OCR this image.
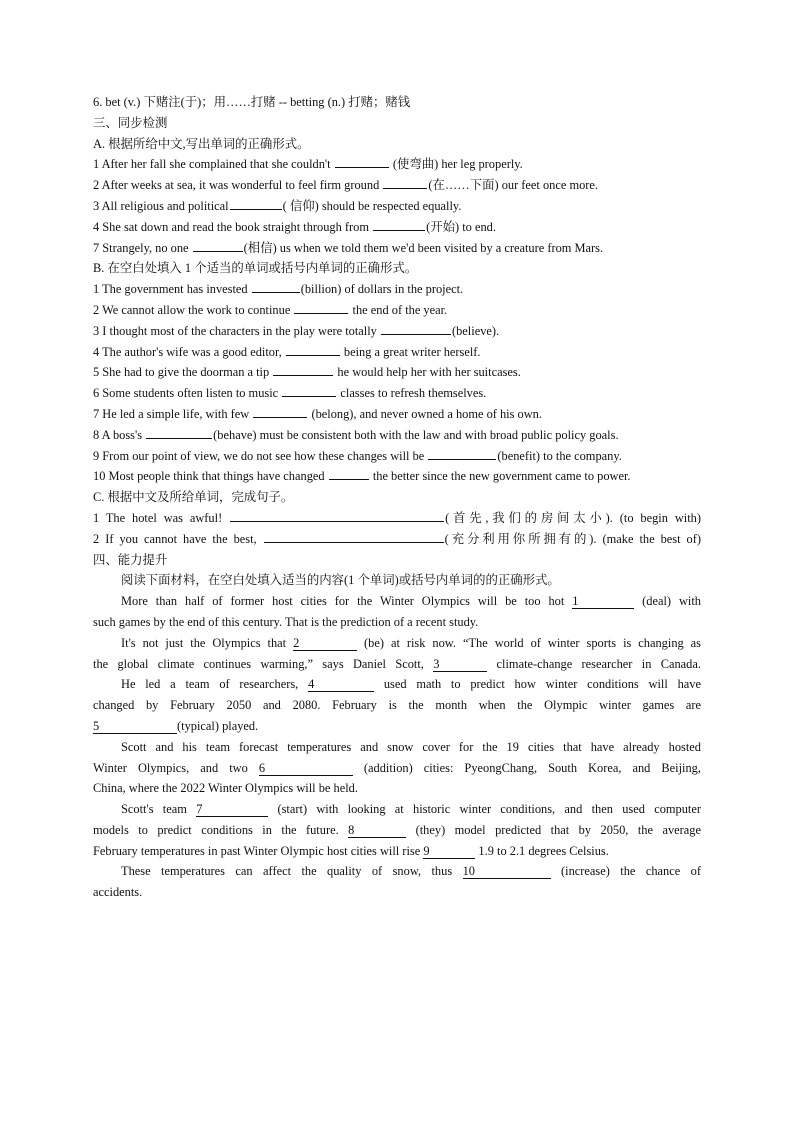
6. bet (v.) 下赌注(于)；用……打赌 -- betting (n.) 打赌；赌钱
三、同步检测
A. 根据所给中文,写出单词的正确形式。
1 After her fall she complained that she couldn't	(使弯曲) her leg properly.
2 After weeks at sea, it was wonderful to feel firm ground	(在……下面) our feet once more.
3 All religious and political	( 信仰) should be respected equally.
4 She sat down and read the book straight through from	(开始) to end.
7 Strangely, no one	(相信) us when we told them we'd been visited by a creature from Mars.
B. 在空白处填入 1 个适当的单词或括号内单词的正确形式。
1 The government has invested	(billion) of dollars in the project.
2 We cannot allow the work to continue	the end of the year.
3 I thought most of the characters in the play were totally	(believe).
4 The author's wife was a good editor,	being a great writer herself.
5 She had to give the doorman a tip	he would help her with her suitcases.
6 Some students often listen to music	classes to refresh themselves.
7 He led a simple life, with few	(belong), and never owned a home of his own.
8 A boss's	(behave) must be consistent both with the law and with broad public policy goals.
9 From our point of view, we do not see how these changes will be	(benefit) to the company.
10 Most people think that things have changed	the better since the new government came to power.
C. 根据中文及所给单词，完成句子。
1 The hotel was awful!	(首先,我们的房间太小). (to begin with)
2 If you cannot have the best,	(充分利用你所拥有的). (make the best of)
四、能力提升
阅读下面材料，在空白处填入适当的内容(1 个单词)或括号内单词的的正确形式。
More than half of former host cities for the Winter Olympics will be too hot 1	(deal) with
such games by the end of this century. That is the prediction of a recent study.
It's not just the Olympics that 2	(be) at risk now. “The world of winter sports is changing as
the global climate continues warming,” says Daniel Scott, 3	climate-change researcher in Canada.
He led a team of researchers, 4	used math to predict how winter conditions will have
changed by February 2050 and 2080. February is the month when the Olympic winter games are
5	(typical) played.
Scott and his team forecast temperatures and snow cover for the 19 cities that have already hosted
Winter Olympics, and two 6	(addition) cities: PyeongChang, South Korea, and Beijing,
China, where the 2022 Winter Olympics will be held.
Scott's team 7	(start) with looking at historic winter conditions, and then used computer
models to predict conditions in the future. 8	(they) model predicted that by 2050, the average
February temperatures in past Winter Olympic host cities will rise 9	1.9 to 2.1 degrees Celsius.
These temperatures can affect the quality of snow, thus 10	(increase) the chance of
accidents.
